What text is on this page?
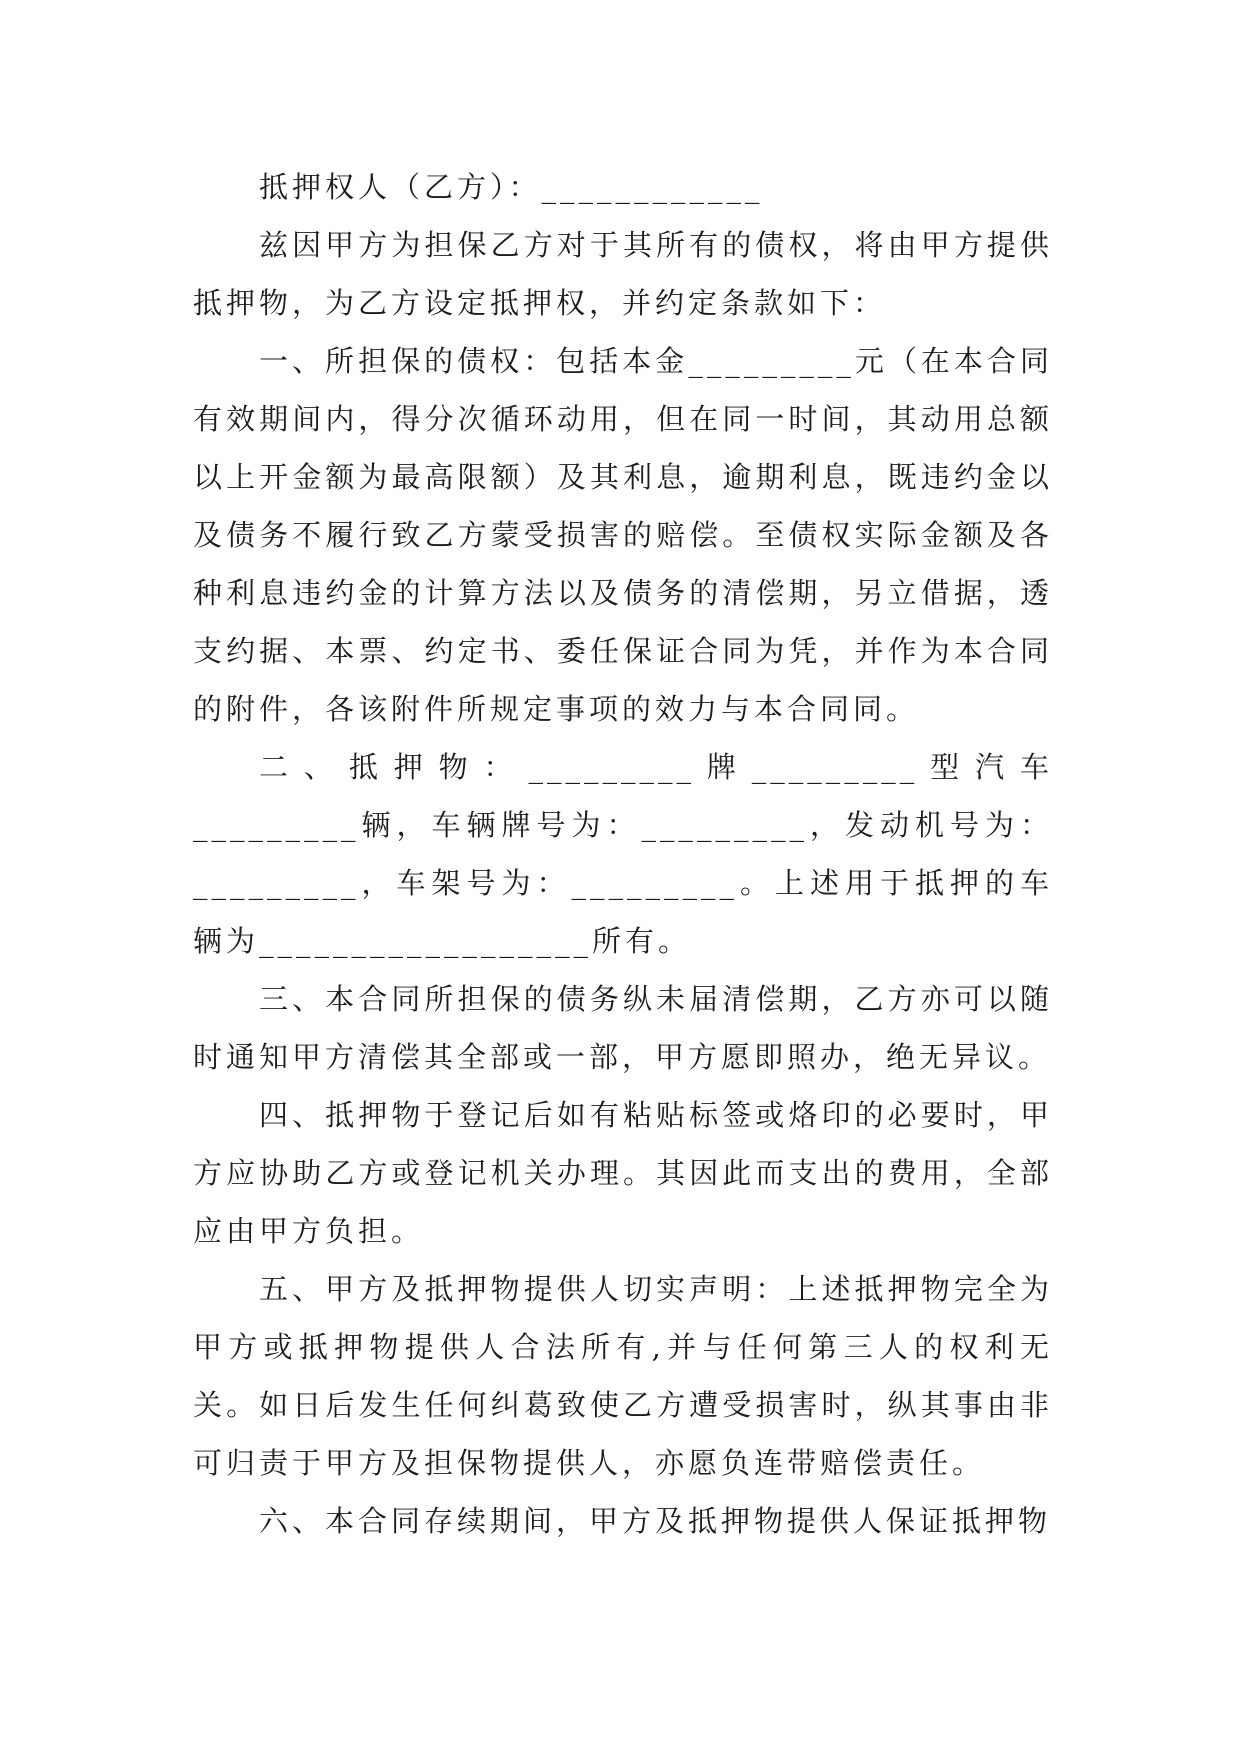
抵押权人（乙方）：____________

兹因甲方为担保乙方对于其所有的债权，将由甲方提供抵押物，为乙方设定抵押权，并约定条款如下：

一、所担保的债权：包括本金_________元（在本合同有效期间内，得分次循环动用，但在同一时间，其动用总额以上开金额为最高限额）及其利息，逾期利息，既违约金以及债务不履行致乙方蒙受损害的赔偿。至债权实际金额及各种利息违约金的计算方法以及债务的清偿期，另立借据，透支约据、本票、约定书、委任保证合同为凭，并作为本合同的附件，各该附件所规定事项的效力与本合同同。

二、抵押物：_________牌_________型汽车_________辆，车辆牌号为：_________，发动机号为：_________，车架号为：_________。上述用于抵押的车辆为__________________所有。

三、本合同所担保的债务纵未届清偿期，乙方亦可以随时通知甲方清偿其全部或一部，甲方愿即照办，绝无异议。

四、抵押物于登记后如有粘贴标签或烙印的必要时，甲方应协助乙方或登记机关办理。其因此而支出的费用，全部应由甲方负担。

五、甲方及抵押物提供人切实声明：上述抵押物完全为甲方或抵押物提供人合法所有,并与任何第三人的权利无关。如日后发生任何纠葛致使乙方遭受损害时，纵其事由非可归责于甲方及担保物提供人，亦愿负连带赔偿责任。

六、本合同存续期间，甲方及抵押物提供人保证抵押物
